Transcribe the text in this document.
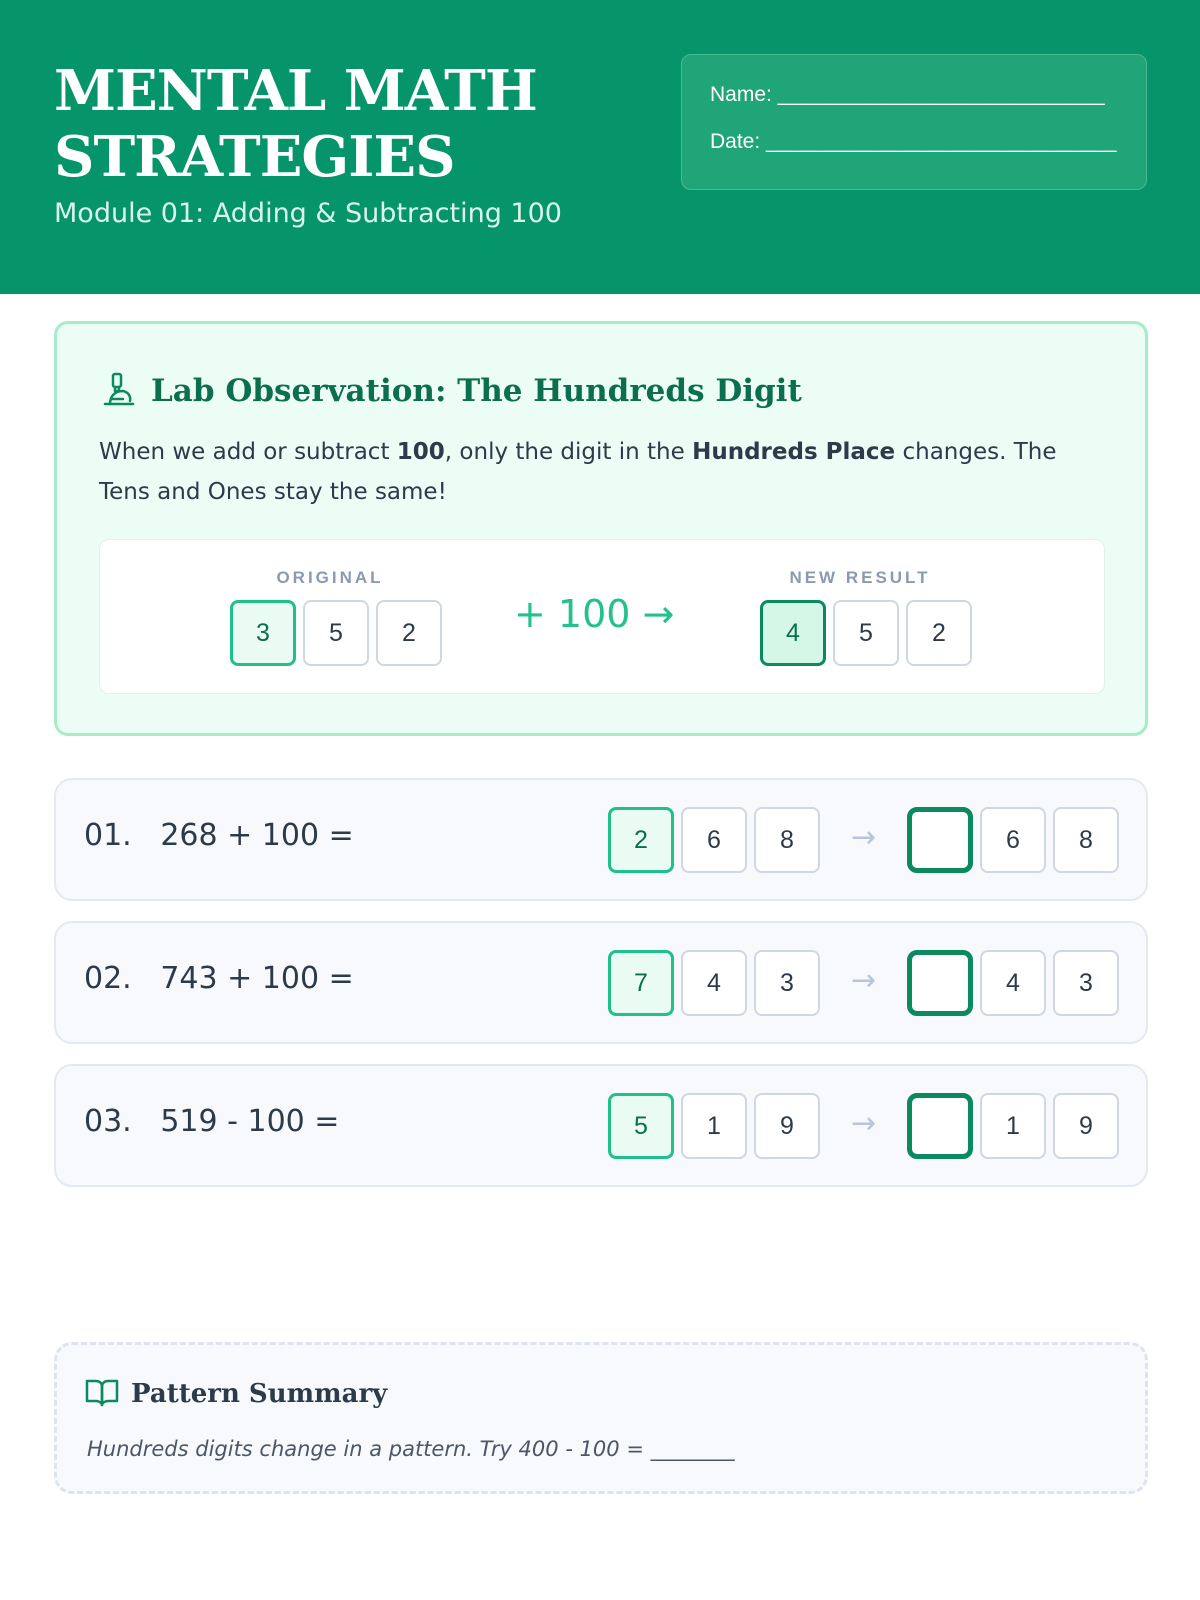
MENTAL MATH STRATEGIES
Module 01: Adding & Subtracting 100
Name: ____________________________
Date: ______________________________
Lab Observation: The Hundreds Digit
When we add or subtract 100, only the digit in the Hundreds Place changes. The Tens and Ones stay the same!
ORIGINAL
3	5	2	+ 100 →
NEW RESULT
4	5	2
01. 268 + 100 =	2	6	8	→	6	8
02. 743 + 100 =	7	4	3	→	4	3
03. 519 - 100 =	5	1	9	→	1	9
Pattern Summary
Hundreds digits change in a pattern. Try 400 - 100 = ________
